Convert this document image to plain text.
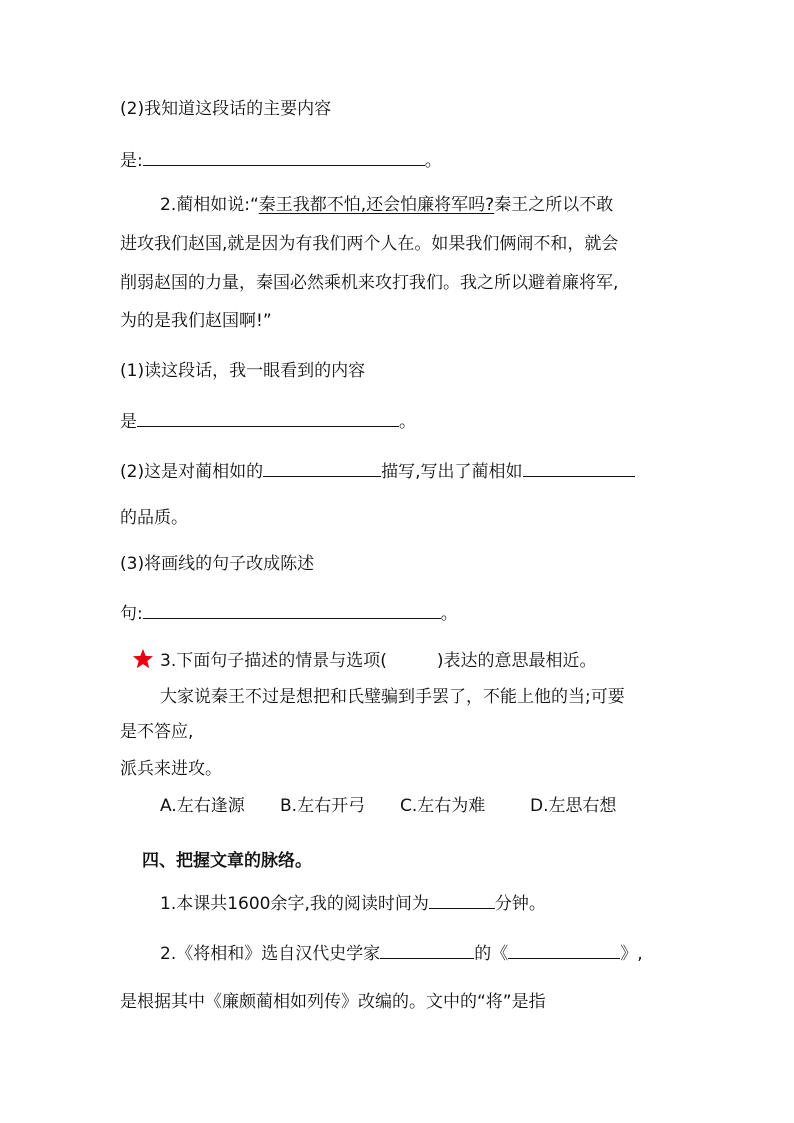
(2)我知道这段话的主要内容
是:	。
2.蔺相如说:“秦王我都不怕,还会怕廉将军吗?秦王之所以不敢
进攻我们赵国,就是因为有我们两个人在。如果我们俩闹不和，就会
削弱赵国的力量，秦国必然乘机来攻打我们。我之所以避着廉将军,
为的是我们赵国啊!”
(1)读这段话，我一眼看到的内容
是	。
(2)这是对蔺相如的	描写,写出了蔺相如
的品质。
(3)将画线的句子改成陈述
句:	。
3.下面句子描述的情景与选项(	)表达的意思最相近。
大家说秦王不过是想把和氏璧骗到手罢了，不能上他的当;可要
是不答应,
派兵来进攻。
A.左右逢源 B.左右开弓 C.左右为难	D.左思右想
四、把握文章的脉络。
1.本课共1600余字,我的阅读时间为	分钟。
2.《将相和》选自汉代史学家	的《	》,
是根据其中《廉颇蔺相如列传》改编的。文中的“将”是指
